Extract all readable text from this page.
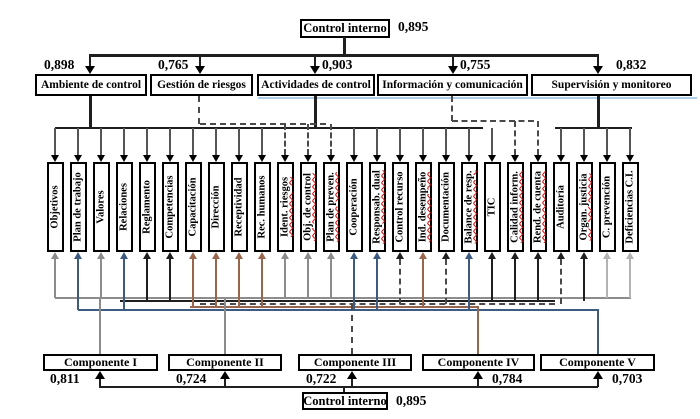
Control interno 0,895
Control interno 0,895
0,898
Ambiente de control
0,765
Gestión de riesgos
0,903
Actividades de control
0,755
Información y comunicación
0,832
Supervisión y monitoreo
Objetivos Plan de trabajo Valores Relaciones Reglamento Competencias Capacitación Dirección Receptividad Rec. humanos Ident. riesgos Obj. de control Plan de preven. Cooperación Responsab. dual Control recurso Ind. desempeño Documentación Balance de resp. TIC Calidad inform. Rend. de cuenta Auditoría Organ. justicia C. prevención Deficiencias C.I.
Componente I
0,811
Componente II
0,724
Componente III
0,722
Componente IV
0,784
Componente V
0,703
